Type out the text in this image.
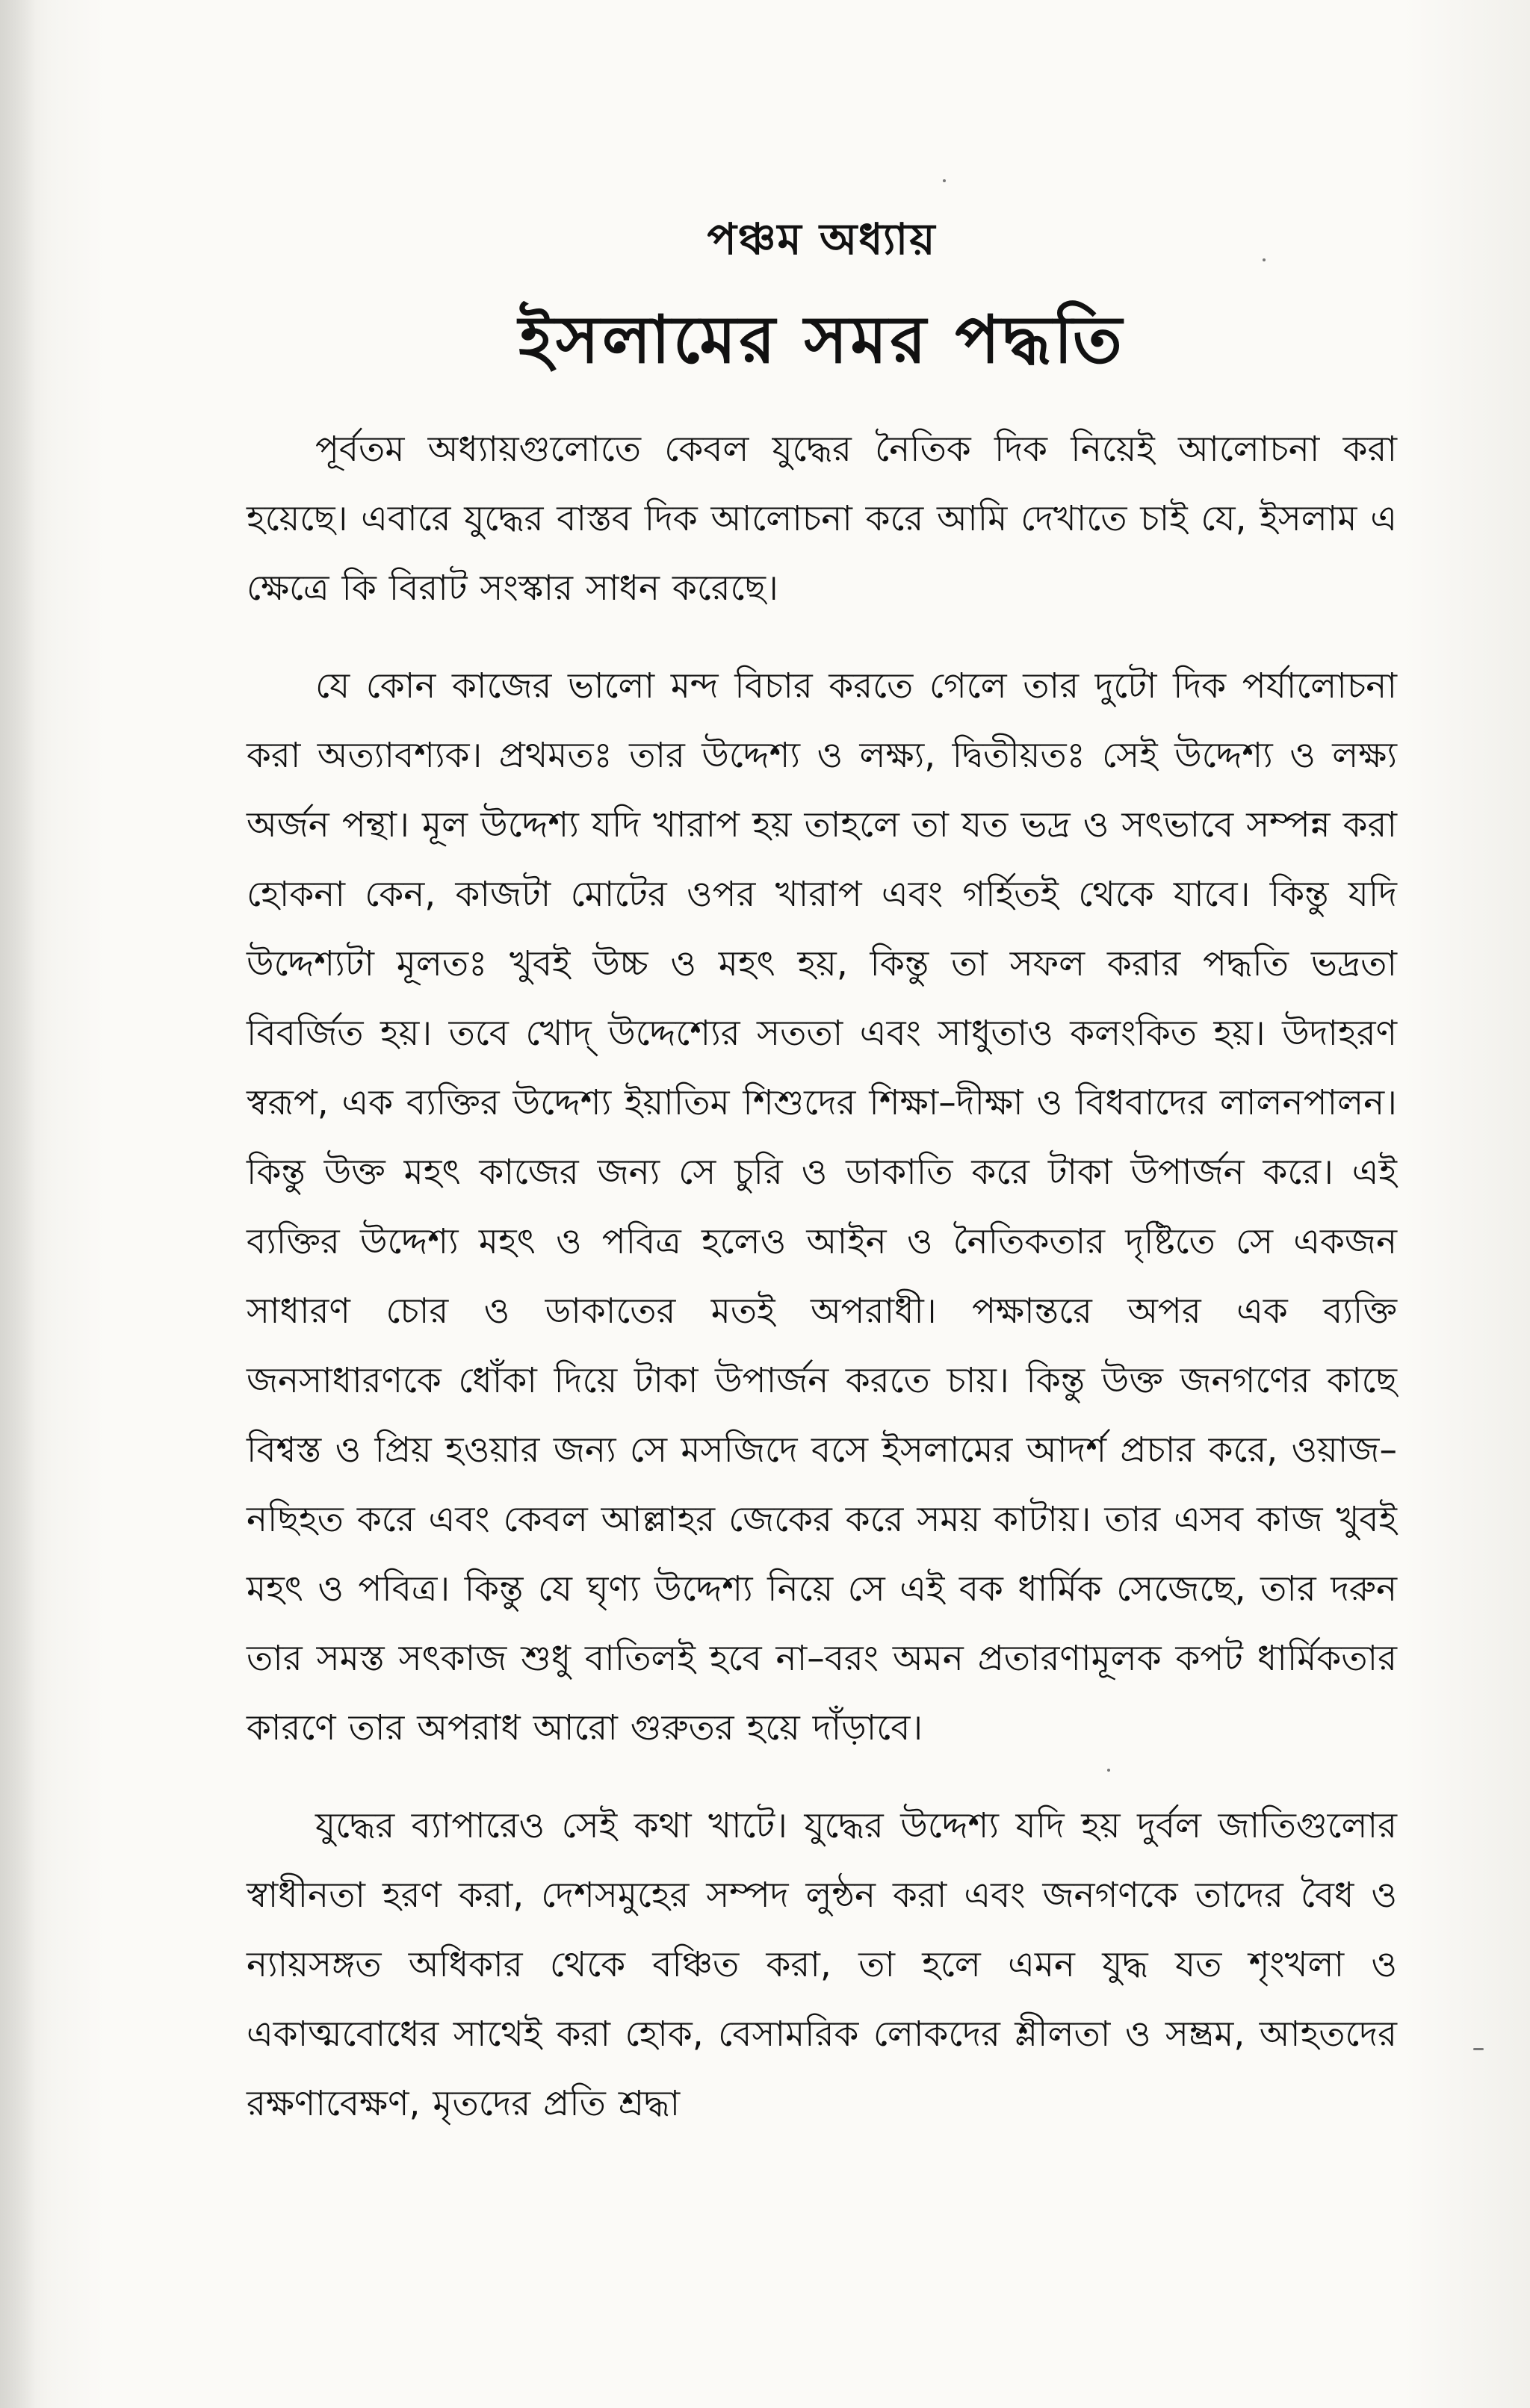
পঞ্চম অধ্যায়
ইসলামের সমর পদ্ধতি

পূর্বতম অধ্যায়গুলোতে কেবল যুদ্ধের নৈতিক দিক নিয়েই আলোচনা করা হয়েছে। এবারে যুদ্ধের বাস্তব দিক আলোচনা করে আমি দেখাতে চাই যে, ইসলাম এ ক্ষেত্রে কি বিরাট সংস্কার সাধন করেছে।

যে কোন কাজের ভালো মন্দ বিচার করতে গেলে তার দুটো দিক পর্যালোচনা করা অত্যাবশ্যক। প্রথমতঃ তার উদ্দেশ্য ও লক্ষ্য, দ্বিতীয়তঃ সেই উদ্দেশ্য ও লক্ষ্য অর্জন পন্থা। মূল উদ্দেশ্য যদি খারাপ হয় তাহলে তা যত ভদ্র ও সৎভাবে সম্পন্ন করা হোকনা কেন, কাজটা মোটের ওপর খারাপ এবং গর্হিতই থেকে যাবে। কিন্তু যদি উদ্দেশ্যটা মূলতঃ খুবই উচ্চ ও মহৎ হয়, কিন্তু তা সফল করার পদ্ধতি ভদ্রতা বিবর্জিত হয়। তবে খোদ্ উদ্দেশ্যের সততা এবং সাধুতাও কলংকিত হয়। উদাহরণ স্বরূপ, এক ব্যক্তির উদ্দেশ্য ইয়াতিম শিশুদের শিক্ষা–দীক্ষা ও বিধবাদের লালনপালন। কিন্তু উক্ত মহৎ কাজের জন্য সে চুরি ও ডাকাতি করে টাকা উপার্জন করে। এই ব্যক্তির উদ্দেশ্য মহৎ ও পবিত্র হলেও আইন ও নৈতিকতার দৃষ্টিতে সে একজন সাধারণ চোর ও ডাকাতের মতই অপরাধী। পক্ষান্তরে অপর এক ব্যক্তি জনসাধারণকে ধোঁকা দিয়ে টাকা উপার্জন করতে চায়। কিন্তু উক্ত জনগণের কাছে বিশ্বস্ত ও প্রিয় হওয়ার জন্য সে মসজিদে বসে ইসলামের আদর্শ প্রচার করে, ওয়াজ–নছিহত করে এবং কেবল আল্লাহর জেকের করে সময় কাটায়। তার এসব কাজ খুবই মহৎ ও পবিত্র। কিন্তু যে ঘৃণ্য উদ্দেশ্য নিয়ে সে এই বক ধার্মিক সেজেছে, তার দরুন তার সমস্ত সৎকাজ শুধু বাতিলই হবে না–বরং অমন প্রতারণামূলক কপট ধার্মিকতার কারণে তার অপরাধ আরো গুরুতর হয়ে দাঁড়াবে।

যুদ্ধের ব্যাপারেও সেই কথা খাটে। যুদ্ধের উদ্দেশ্য যদি হয় দুর্বল জাতিগুলোর স্বাধীনতা হরণ করা, দেশসমুহের সম্পদ লুন্ঠন করা এবং জনগণকে তাদের বৈধ ও ন্যায়সঙ্গত অধিকার থেকে বঞ্চিত করা, তা হলে এমন যুদ্ধ যত শৃংখলা ও একাত্মবোধের সাথেই করা হোক, বেসামরিক লোকদের শ্লীলতা ও সম্ভ্রম, আহতদের রক্ষণাবেক্ষণ, মৃতদের প্রতি শ্রদ্ধা
